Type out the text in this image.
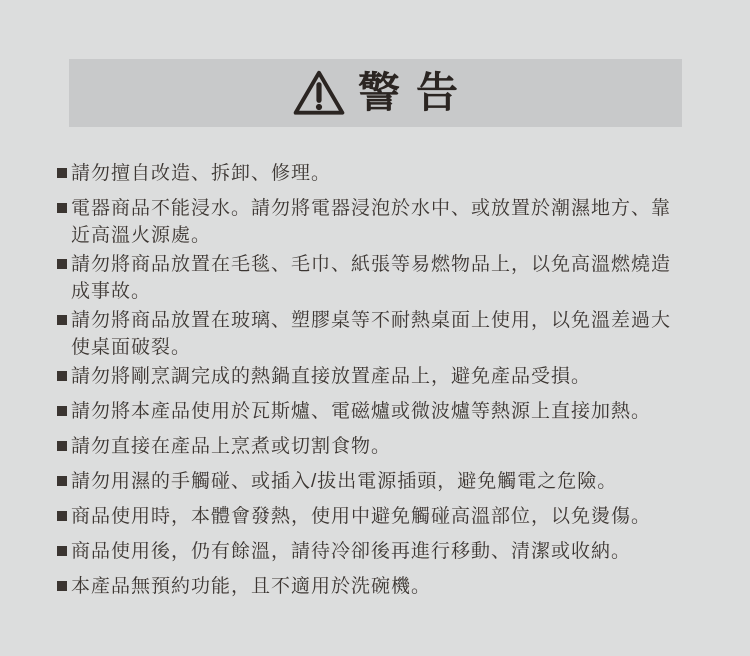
警告
請勿擅自改造、拆卸、修理。
電器商品不能浸水。請勿將電器浸泡於水中、或放置於潮濕地方、靠
近高溫火源處。
請勿將商品放置在毛毯、毛巾、紙張等易燃物品上，以免高溫燃燒造
成事故。
請勿將商品放置在玻璃、塑膠桌等不耐熱桌面上使用，以免溫差過大
使桌面破裂。
請勿將剛烹調完成的熱鍋直接放置產品上，避免產品受損。
請勿將本產品使用於瓦斯爐、電磁爐或微波爐等熱源上直接加熱。
請勿直接在產品上烹煮或切割食物。
請勿用濕的手觸碰、或插入/拔出電源插頭，避免觸電之危險。
商品使用時，本體會發熱，使用中避免觸碰高溫部位，以免燙傷。
商品使用後，仍有餘溫，請待冷卻後再進行移動、清潔或收納。
本產品無預約功能，且不適用於洗碗機。
